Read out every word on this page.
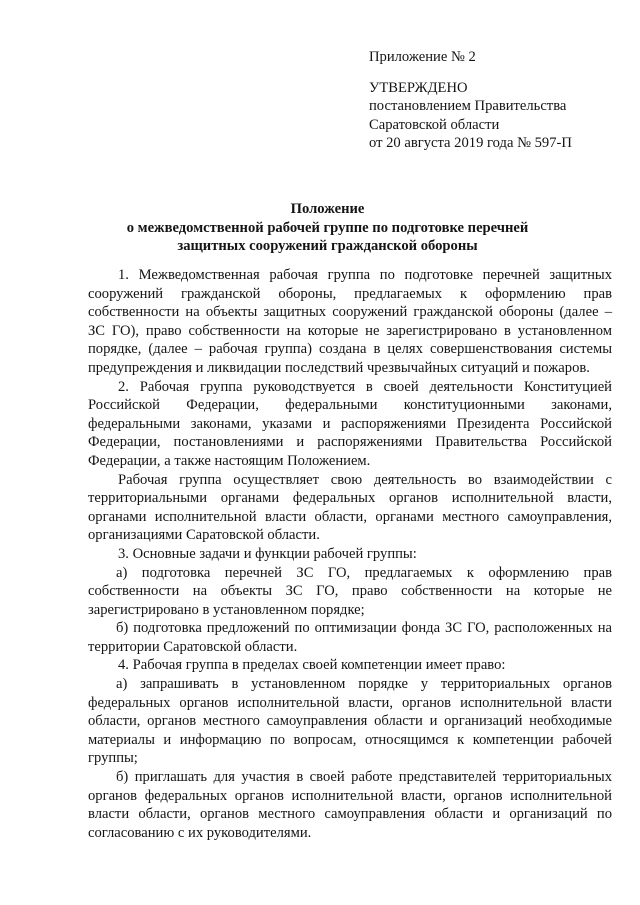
Приложение № 2
УТВЕРЖДЕНО
постановлением Правительства
Саратовской области
от 20 августа 2019 года № 597-П
Положение
о межведомственной рабочей группе по подготовке перечней
защитных сооружений гражданской обороны

1. Межведомственная рабочая группа по подготовке перечней защитных сооружений гражданской обороны, предлагаемых к оформлению прав собственности на объекты защитных сооружений гражданской обороны (далее – ЗС ГО), право собственности на которые не зарегистрировано в установленном порядке, (далее – рабочая группа) создана в целях совершенствования системы предупреждения и ликвидации последствий чрезвычайных ситуаций и пожаров.

2. Рабочая группа руководствуется в своей деятельности Конституцией Российской Федерации, федеральными конституционными законами, федеральными законами, указами и распоряжениями Президента Российской Федерации, постановлениями и распоряжениями Правительства Российской Федерации, а также настоящим Положением.

Рабочая группа осуществляет свою деятельность во взаимодействии с территориальными органами федеральных органов исполнительной власти, органами исполнительной власти области, органами местного самоуправления, организациями Саратовской области.

3. Основные задачи и функции рабочей группы:

а) подготовка перечней ЗС ГО, предлагаемых к оформлению прав собственности на объекты ЗС ГО, право собственности на которые не зарегистрировано в установленном порядке;

б) подготовка предложений по оптимизации фонда ЗС ГО, расположенных на территории Саратовской области.

4. Рабочая группа в пределах своей компетенции имеет право:

а) запрашивать в установленном порядке у территориальных органов федеральных органов исполнительной власти, органов исполнительной власти области, органов местного самоуправления области и организаций необходимые материалы и информацию по вопросам, относящимся к компетенции рабочей группы;

б) приглашать для участия в своей работе представителей территориальных органов федеральных органов исполнительной власти, органов исполнительной власти области, органов местного самоуправления области и организаций по согласованию с их руководителями.
